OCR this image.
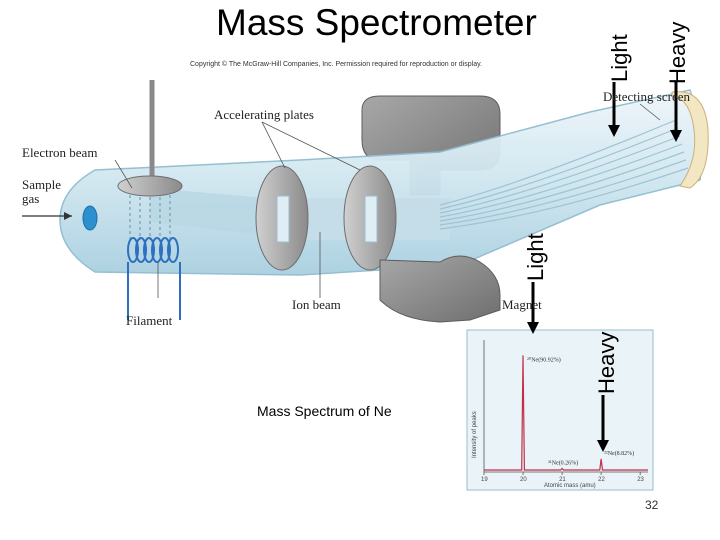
19	20	21	22	23
²⁰Ne(90.92%)
²¹Ne(0.26%)
²²Ne(8.82%)
Intensity of peaks
Atomic mass (amu)
Mass Spectrometer
Copyright © The McGraw-Hill Companies, Inc. Permission required for reproduction or display.
Accelerating plates
Detecting screen
Electron beam
Sample gas
Ion beam	Magnet
Filament
Light Heavy
Light
Heavy
Mass Spectrum of Ne
32
